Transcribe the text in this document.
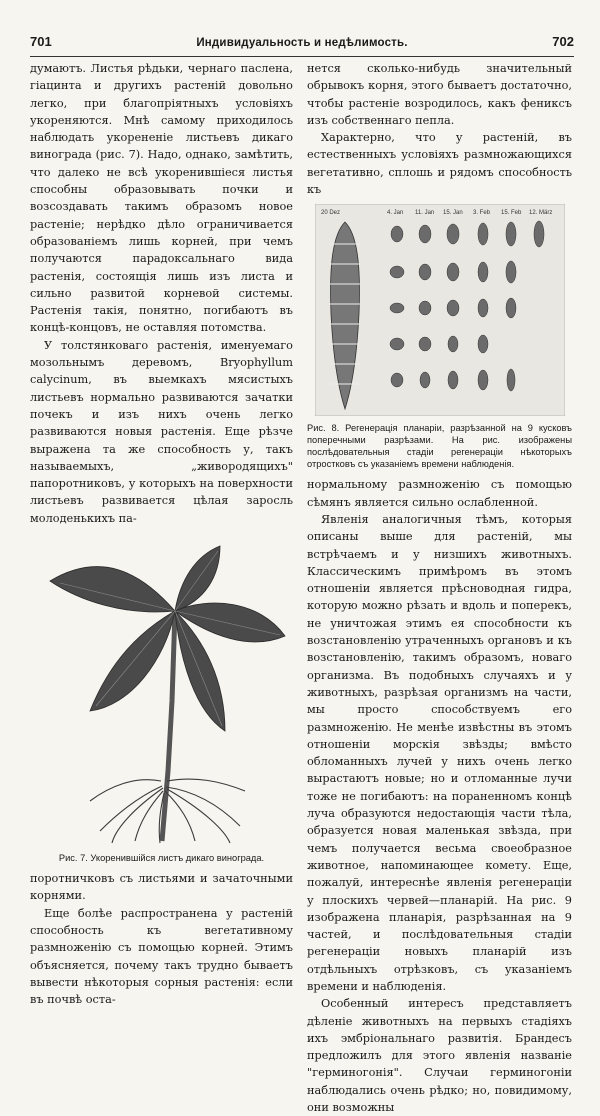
701	Индивидуальность и недѣлимость.	702

думаютъ. Листья рѣдьки, чернаго паслена, гіацинта и другихъ растеній довольно легко, при благопріятныхъ условіяхъ укореняются. Мнѣ самому приходилось наблюдать укорененіе листьевъ дикаго винограда (рис. 7). Надо, однако, замѣтить, что далеко не всѣ укоренившіеся листья способны образовывать почки и возсоздавать такимъ образомъ новое растеніе; нерѣдко дѣло ограничивается образованіемъ лишь корней, при чемъ получаются парадоксальнаго вида растенія, состоящія лишь изъ листа и сильно развитой корневой системы. Растенія такія, понятно, погибаютъ въ концѣ-концовъ, не оставляя потомства.

У толстянковаго растенія, именуемаго мозольнымъ деревомъ, Bryophyllum calycinum, въ выемкахъ мясистыхъ листьевъ нормально развиваются зачатки почекъ и изъ нихъ очень легко развиваются новыя растенія. Еще рѣзче выражена та же способность у, такъ называемыхъ, „живородящихъ" папоротниковъ, у которыхъ на поверхности листьевъ развивается цѣлая заросль молоденькихъ па-

Рис. 7. Укоренившійся листъ дикаго винограда.

поротничковъ съ листьями и зачаточными корнями.

Еще болѣе распространена у растеній способность къ вегетативному размноженію съ помощью корней. Этимъ объясняется, почему такъ трудно бываетъ вывести нѣкоторыя сорныя растенія: если въ почвѣ оста-

нется сколько-нибудь значительный обрывокъ корня, этого бываетъ достаточно, чтобы растеніе возродилось, какъ фениксъ изъ собственнаго пепла.

Характерно, что у растеній, въ естественныхъ условіяхъ размножающихся вегетативно, сплошь и рядомъ способность къ

20 Dez	4. Jan 11. Jan 15. Jan 3. Feb 15. Feb 12. März

Рис. 8. Регенерація планаріи, разрѣзанной на 9 кусковъ поперечными разрѣзами. На рис. изображены послѣдовательныя стадіи регенераціи нѣкоторыхъ отростковъ съ указаніемъ времени наблюденія.

нормальному размноженію съ помощью сѣмянъ является сильно ослабленной.

Явленія аналогичныя тѣмъ, которыя описаны выше для растеній, мы встрѣчаемъ и у низшихъ животныхъ. Классическимъ примѣромъ въ этомъ отношеніи является прѣсноводная гидра, которую можно рѣзать и вдоль и поперекъ, не уничтожая этимъ ея способности къ возстановленію утраченныхъ органовъ и къ возстановленію, такимъ образомъ, новаго организма. Въ подобныхъ случаяхъ и у животныхъ, разрѣзая организмъ на части, мы просто способствуемъ его размноженію. Не менѣе извѣстны въ этомъ отношеніи морскія звѣзды; вмѣсто обломанныхъ лучей у нихъ очень легко вырастаютъ новые; но и отломанные лучи тоже не погибаютъ: на пораненномъ концѣ луча образуются недостающія части тѣла, образуется новая маленькая звѣзда, при чемъ получается весьма своеобразное животное, напоминающее комету. Еще, пожалуй, интереснѣе явленія регенераціи у плоскихъ червей—планарій. На рис. 9 изображена планарія, разрѣзанная на 9 частей, и послѣдовательныя стадіи регенераціи новыхъ планарій изъ отдѣльныхъ отрѣзковъ, съ указаніемъ времени и наблюденія.

Особенный интересъ представляетъ дѣленіе животныхъ на первыхъ стадіяхъ ихъ эмбріональнаго развитія. Брандесъ предложилъ для этого явленія названіе "герминогонія". Случаи герминогоніи наблюдались очень рѣдко; но, повидимому, они возможны
